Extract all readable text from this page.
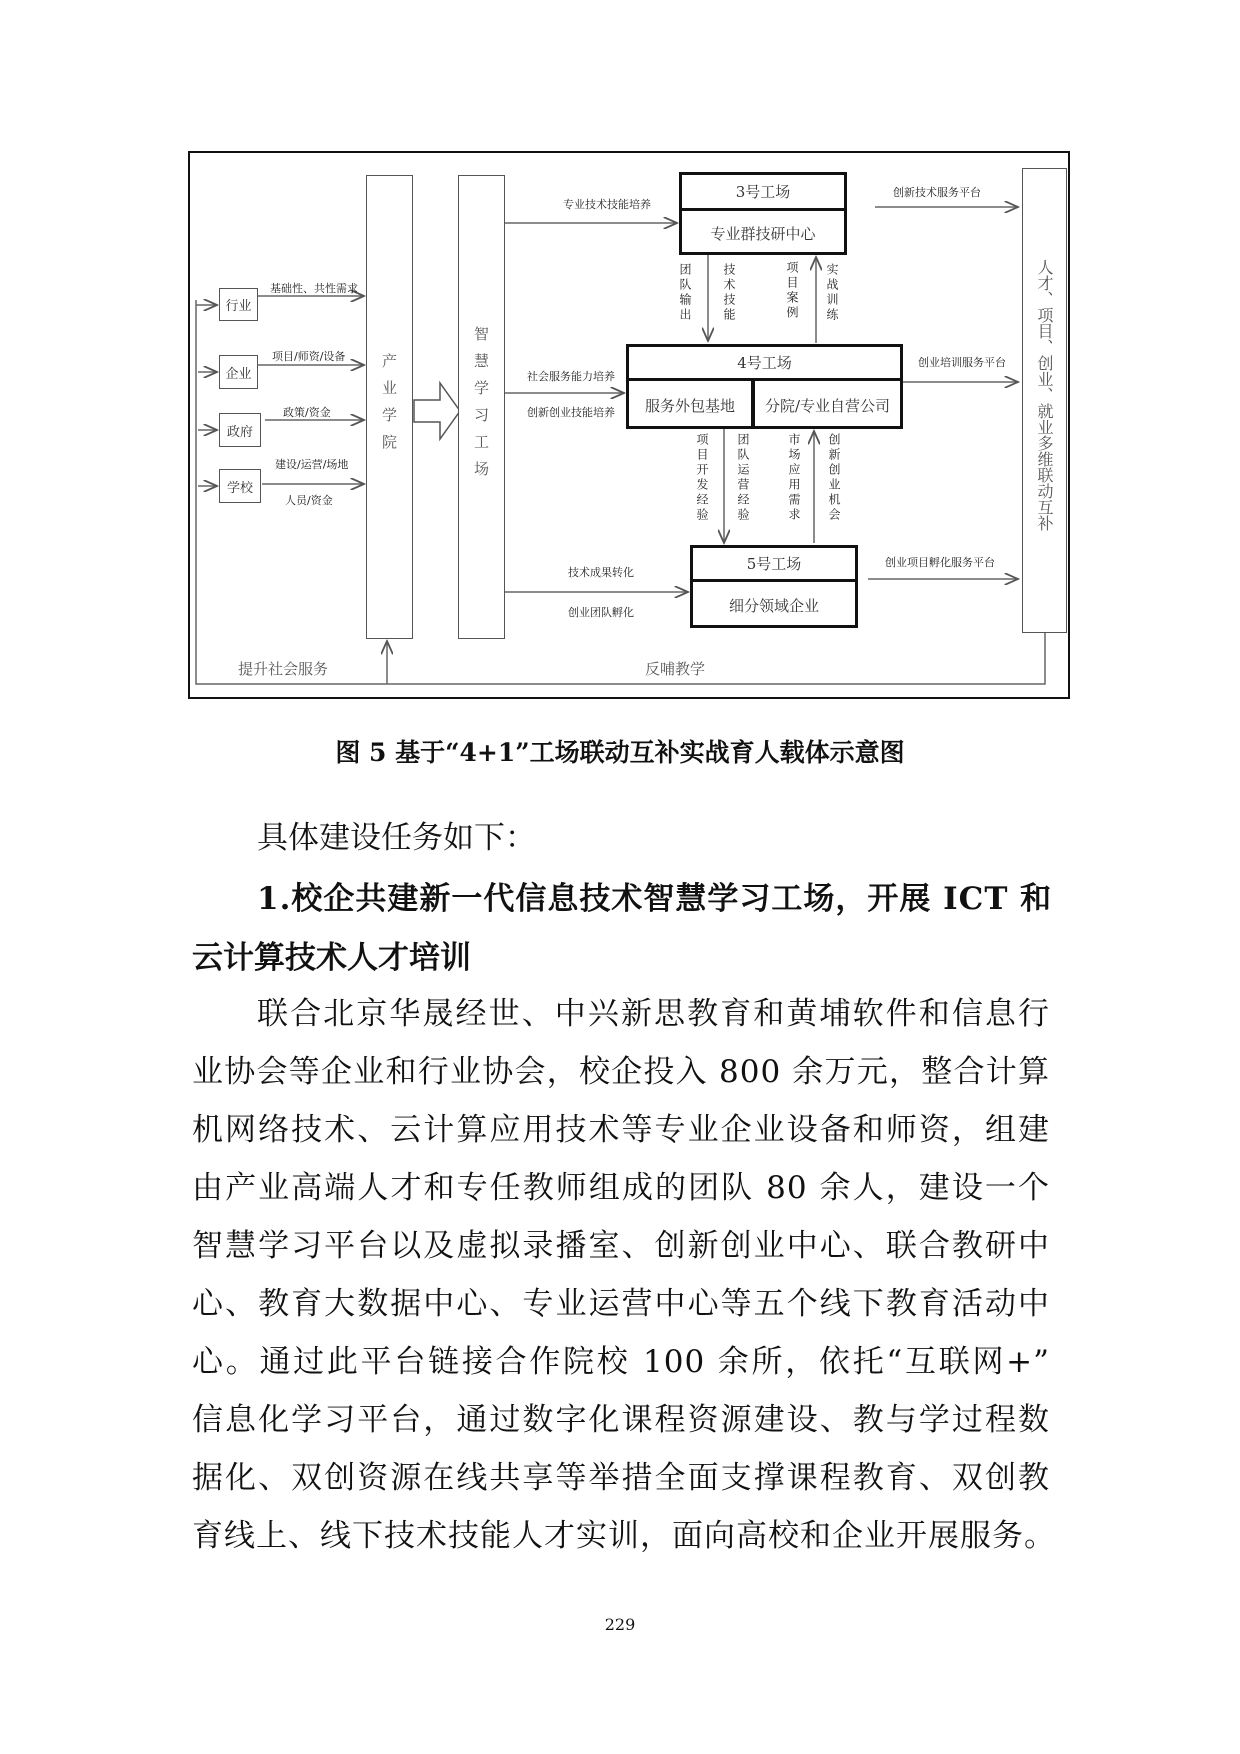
行业
企业
政府
学校
基础性、共性需求
项目/师资/设备
政策/资金
建设/运营/场地
人员/资金
产业学院	智慧学习工场
专业技术技能培养
社会服务能力培养
创新创业技能培养
技术成果转化
创业团队孵化
3号工场
专业群技研中心
4号工场
服务外包基地	分院/专业自营公司
5号工场
细分领域企业
创新技术服务平台
创业培训服务平台
创业项目孵化服务平台
团队输出	技术技能	项目案例 实战训练
项目开发经验 团队运营经验	市场应用需求 创新创业机会	人才、项目、创业、就业多维联动互补
提升社会服务	反哺教学
图 5 基于“4+1”工场联动互补实战育人载体示意图
具体建设任务如下：
1.校企共建新一代信息技术智慧学习工场，开展 ICT 和
云计算技术人才培训
联合北京华晟经世、中兴新思教育和黄埔软件和信息行
业协会等企业和行业协会，校企投入 800 余万元，整合计算
机网络技术、云计算应用技术等专业企业设备和师资，组建
由产业高端人才和专任教师组成的团队 80 余人，建设一个
智慧学习平台以及虚拟录播室、创新创业中心、联合教研中
心、教育大数据中心、专业运营中心等五个线下教育活动中
心。通过此平台链接合作院校 100 余所，依托“互联网+”
信息化学习平台，通过数字化课程资源建设、教与学过程数
据化、双创资源在线共享等举措全面支撑课程教育、双创教
育线上、线下技术技能人才实训，面向高校和企业开展服务。
229
